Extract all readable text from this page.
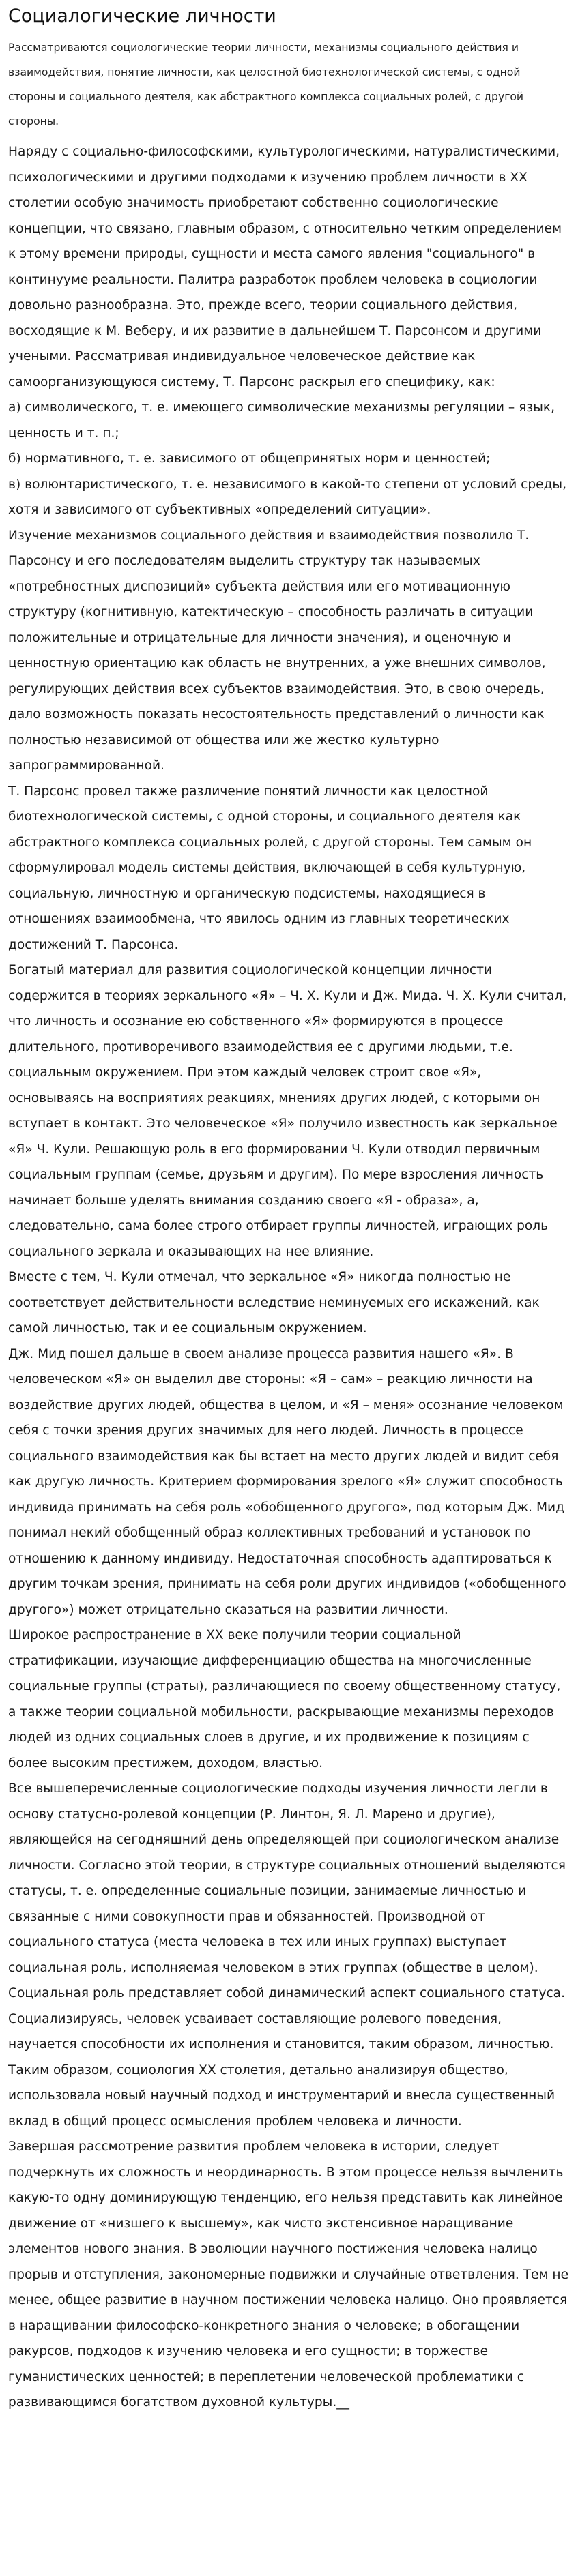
Социалогические личности
Рассматриваются социологические теории личности, механизмы социального действия и взаимодействия, понятие личности, как целостной биотехнологической системы, с одной стороны и социального деятеля, как абстрактного комплекса социальных ролей, с другой стороны.

Наряду с социально-философскими, культурологическими, натуралистическими, психологическими и другими подходами к изучению проблем личности в XX столетии особую значимость приобретают собственно социологические концепции, что связано, главным образом, с относительно четким определением к этому времени природы, сущности и места самого явления "социального" в континууме реальности. Палитра разработок проблем человека в социологии довольно разнообразна. Это, прежде всего, теории социального действия, восходящие к М. Веберу, и их развитие в дальнейшем Т. Парсонсом и другими учеными. Рассматривая индивидуальное человеческое действие как самоорганизующуюся систему, Т. Парсонс раскрыл его специфику, как:

а) символического, т. е. имеющего символические механизмы регуляции – язык, ценность и т. п.;

б) нормативного, т. е. зависимого от общепринятых норм и ценностей;

в) волюнтаристического, т. е. независимого в какой-то степени от условий среды, хотя и зависимого от субъективных «определений ситуации».

Изучение механизмов социального действия и взаимодействия позволило Т. Парсонсу и его последователям выделить структуру так называемых «потребностных диспозиций» субъекта действия или его мотивационную структуру (когнитивную, катектическую – способность различать в ситуации положительные и отрицательные для личности значения), и оценочную и ценностную ориентацию как область не внутренних, а уже внешних символов, регулирующих действия всех субъектов взаимодействия. Это, в свою очередь, дало возможность показать несостоятельность представлений о личности как полностью независимой от общества или же жестко культурно запрограммированной.

Т. Парсонс провел также различение понятий личности как целостной биотехнологической системы, с одной стороны, и социального деятеля как абстрактного комплекса социальных ролей, с другой стороны. Тем самым он сформулировал модель системы действия, включающей в себя культурную, социальную, личностную и органическую подсистемы, находящиеся в отношениях взаимообмена, что явилось одним из главных теоретических достижений Т. Парсонса.

Богатый материал для развития социологической концепции личности содержится в теориях зеркального «Я» – Ч. Х. Кули и Дж. Мида. Ч. Х. Кули считал, что личность и осознание ею собственного «Я» формируются в процессе длительного, противоречивого взаимодействия ее с другими людьми, т.е. социальным окружением. При этом каждый человек строит свое «Я», основываясь на восприятиях реакциях, мнениях других людей, с которыми он вступает в контакт. Это человеческое «Я» получило известность как зеркальное «Я» Ч. Кули. Решающую роль в его формировании Ч. Кули отводил первичным социальным группам (семье, друзьям и другим). По мере взросления личность начинает больше уделять внимания созданию своего «Я - образа», а, следовательно, сама более строго отбирает группы личностей, играющих роль социального зеркала и оказывающих на нее влияние.

Вместе с тем, Ч. Кули отмечал, что зеркальное «Я» никогда полностью не соответствует действительности вследствие неминуемых его искажений, как самой личностью, так и ее социальным окружением.

Дж. Мид пошел дальше в своем анализе процесса развития нашего «Я». В человеческом «Я» он выделил две стороны: «Я – сам» – реакцию личности на воздействие других людей, общества в целом, и «Я – меня» осознание человеком себя с точки зрения других значимых для него людей. Личность в процессе социального взаимодействия как бы встает на место других людей и видит себя как другую личность. Критерием формирования зрелого «Я» служит способность индивида принимать на себя роль «обобщенного другого», под которым Дж. Мид понимал некий обобщенный образ коллективных требований и установок по отношению к данному индивиду. Недостаточная способность адаптироваться к другим точкам зрения, принимать на себя роли других индивидов («обобщенного другого») может отрицательно сказаться на развитии личности.

Широкое распространение в XX веке получили теории социальной стратификации, изучающие дифференциацию общества на многочисленные социальные группы (страты), различающиеся по своему общественному статусу, а также теории социальной мобильности, раскрывающие механизмы переходов людей из одних социальных слоев в другие, и их продвижение к позициям с более высоким престижем, доходом, властью.

Все вышеперечисленные социологические подходы изучения личности легли в основу статусно-ролевой концепции (Р. Линтон, Я. Л. Марено и другие), являющейся на сегодняшний день определяющей при социологическом анализе личности. Согласно этой теории, в структуре социальных отношений выделяются статусы, т. е. определенные социальные позиции, занимаемые личностью и связанные с ними совокупности прав и обязанностей. Производной от социального статуса (места человека в тех или иных группах) выступает социальная роль, исполняемая человеком в этих группах (обществе в целом). Социальная роль представляет собой динамический аспект социального статуса. Социализируясь, человек усваивает составляющие ролевого поведения, научается способности их исполнения и становится, таким образом, личностью.

Таким образом, социология XX столетия, детально анализируя общество, использовала новый научный подход и инструментарий и внесла существенный вклад в общий процесс осмысления проблем человека и личности.

Завершая рассмотрение развития проблем человека в истории, следует подчеркнуть их сложность и неординарность. В этом процессе нельзя вычленить какую-то одну доминирующую тенденцию, его нельзя представить как линейное движение от «низшего к высшему», как чисто экстенсивное наращивание элементов нового знания. В эволюции научного постижения человека налицо прорыв и отступления, закономерные подвижки и случайные ответвления. Тем не менее, общее развитие в научном постижении человека налицо. Оно проявляется в наращивании философско-конкретного знания о человеке; в обогащении ракурсов, подходов к изучению человека и его сущности; в торжестве гуманистических ценностей; в переплетении человеческой проблематики с развивающимся богатством духовной культуры.__
